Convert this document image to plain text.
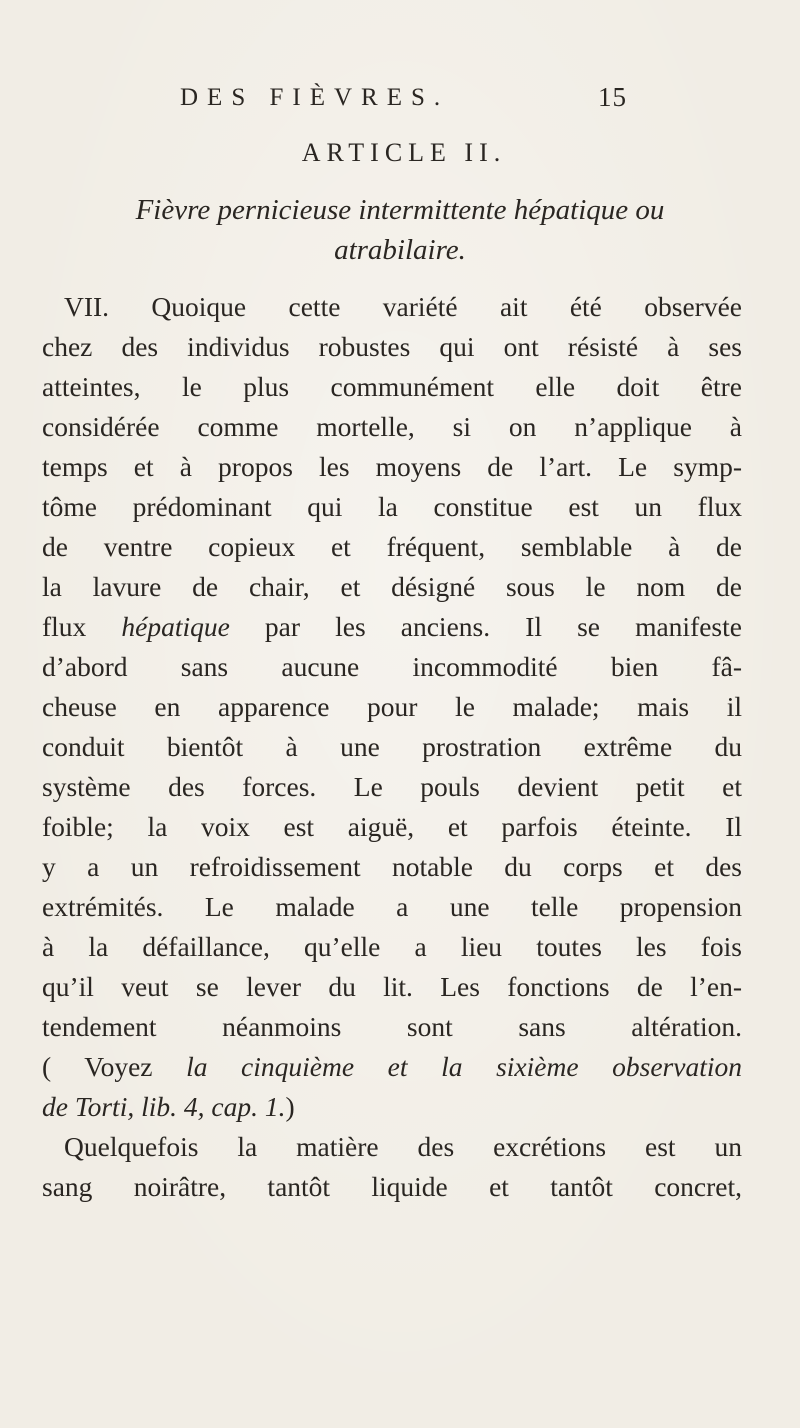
DES FIÈVRES.	15
ARTICLE II.
Fièvre pernicieuse intermittente hépatique ou
atrabilaire.
VII. Quoique cette variété ait été observée
chez des individus robustes qui ont résisté à ses
atteintes, le plus communément elle doit être
considérée comme mortelle, si on n’applique à
temps et à propos les moyens de l’art. Le symp-
tôme prédominant qui la constitue est un flux
de ventre copieux et fréquent, semblable à de
la lavure de chair, et désigné sous le nom de
flux hépatique par les anciens. Il se manifeste
d’abord sans aucune incommodité bien fâ-
cheuse en apparence pour le malade; mais il
conduit bientôt à une prostration extrême du
système des forces. Le pouls devient petit et
foible; la voix est aiguë, et parfois éteinte. Il
y a un refroidissement notable du corps et des
extrémités. Le malade a une telle propension
à la défaillance, qu’elle a lieu toutes les fois
qu’il veut se lever du lit. Les fonctions de l’en-
tendement néanmoins sont sans altération.
( Voyez la cinquième et la sixième observation
de Torti, lib. 4, cap. 1.)
Quelquefois la matière des excrétions est un
sang noirâtre, tantôt liquide et tantôt concret,
